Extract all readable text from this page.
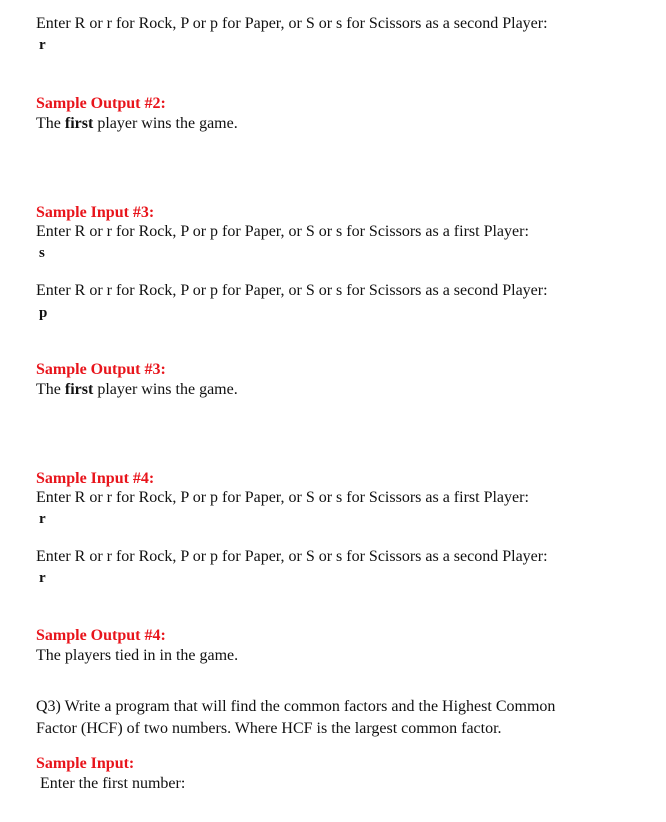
Enter R or r for Rock, P or p for Paper, or S or s for Scissors as a second Player:
r
Sample Output #2:
The first player wins the game.
Sample Input #3:
Enter R or r for Rock, P or p for Paper, or S or s for Scissors as a first Player:
s
Enter R or r for Rock, P or p for Paper, or S or s for Scissors as a second Player:
p
Sample Output #3:
The first player wins the game.
Sample Input #4:
Enter R or r for Rock, P or p for Paper, or S or s for Scissors as a first Player:
r
Enter R or r for Rock, P or p for Paper, or S or s for Scissors as a second Player:
r
Sample Output #4:
The players tied in in the game.
Q3) Write a program that will find the common factors and the Highest Common
Factor (HCF) of two numbers. Where HCF is the largest common factor.
Sample Input:
Enter the first number:
